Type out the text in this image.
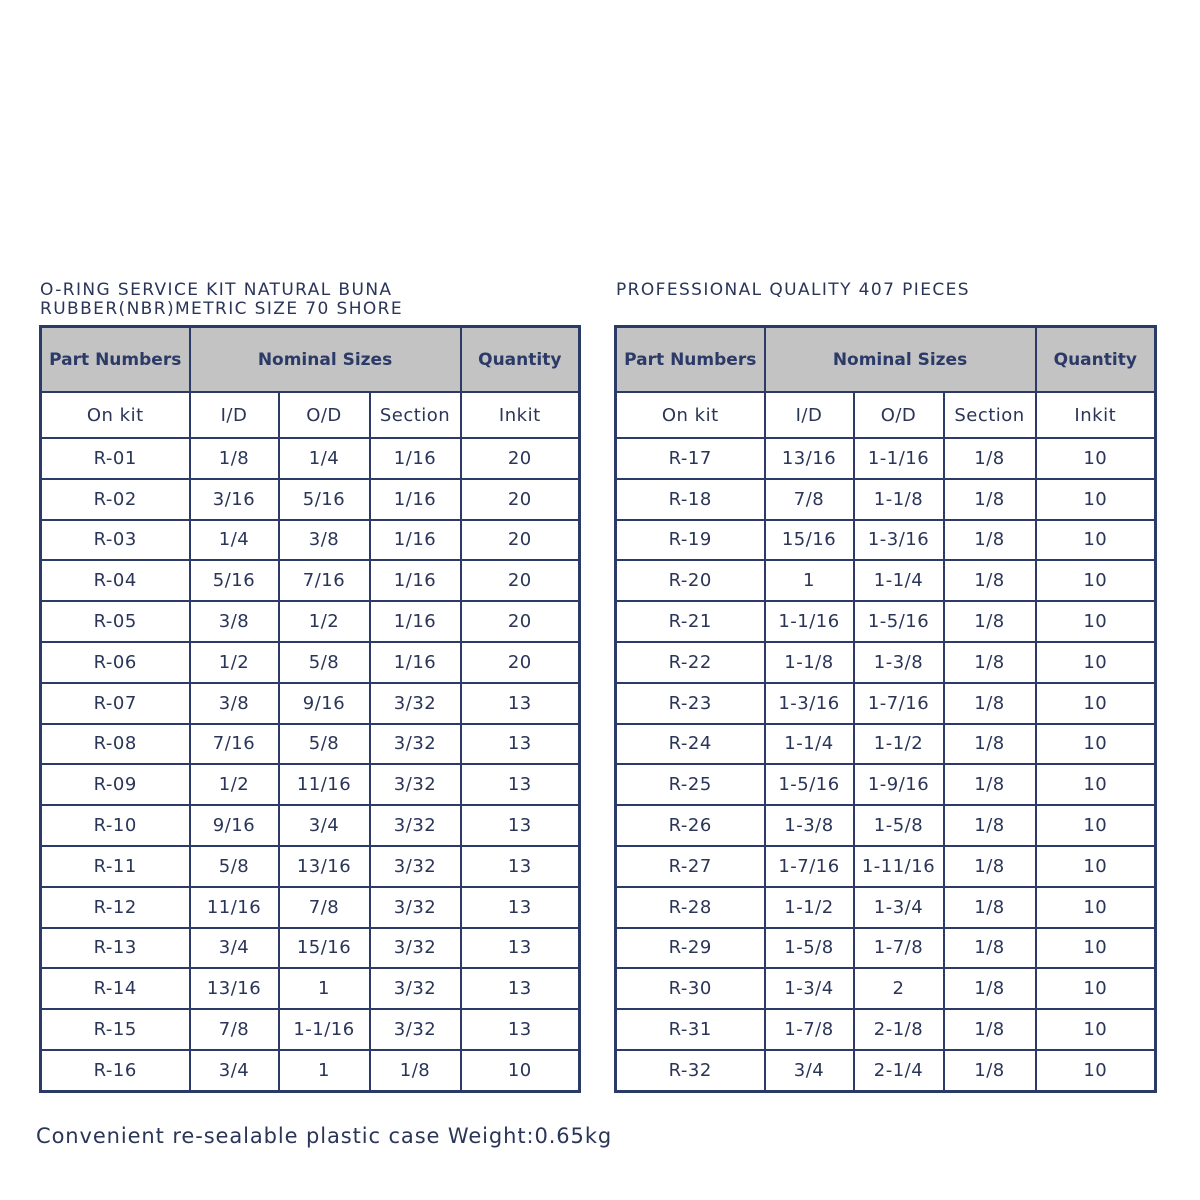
O-RING SERVICE KIT NATURAL BUNA
RUBBER(NBR)METRIC SIZE 70 SHORE
PROFESSIONAL QUALITY 407 PIECES
Part Numbers	Nominal Sizes			Quantity
On kit	I/D	O/D	Section	Inkit
R-01	1/8	1/4	1/16	20
R-02	3/16	5/16	1/16	20
R-03	1/4	3/8	1/16	20
R-04	5/16	7/16	1/16	20
R-05	3/8	1/2	1/16	20
R-06	1/2	5/8	1/16	20
R-07	3/8	9/16	3/32	13
R-08	7/16	5/8	3/32	13
R-09	1/2	11/16	3/32	13
R-10	9/16	3/4	3/32	13
R-11	5/8	13/16	3/32	13
R-12	11/16	7/8	3/32	13
R-13	3/4	15/16	3/32	13
R-14	13/16	1	3/32	13
R-15	7/8	1-1/16	3/32	13
R-16	3/4	1	1/8	10
Part Numbers	Nominal Sizes			Quantity
On kit	I/D	O/D	Section	Inkit
R-17	13/16	1-1/16	1/8	10
R-18	7/8	1-1/8	1/8	10
R-19	15/16	1-3/16	1/8	10
R-20	1	1-1/4	1/8	10
R-21	1-1/16	1-5/16	1/8	10
R-22	1-1/8	1-3/8	1/8	10
R-23	1-3/16	1-7/16	1/8	10
R-24	1-1/4	1-1/2	1/8	10
R-25	1-5/16	1-9/16	1/8	10
R-26	1-3/8	1-5/8	1/8	10
R-27	1-7/16	1-11/16	1/8	10
R-28	1-1/2	1-3/4	1/8	10
R-29	1-5/8	1-7/8	1/8	10
R-30	1-3/4	2	1/8	10
R-31	1-7/8	2-1/8	1/8	10
R-32	3/4	2-1/4	1/8	10
Convenient re-sealable plastic case Weight:0.65kg
